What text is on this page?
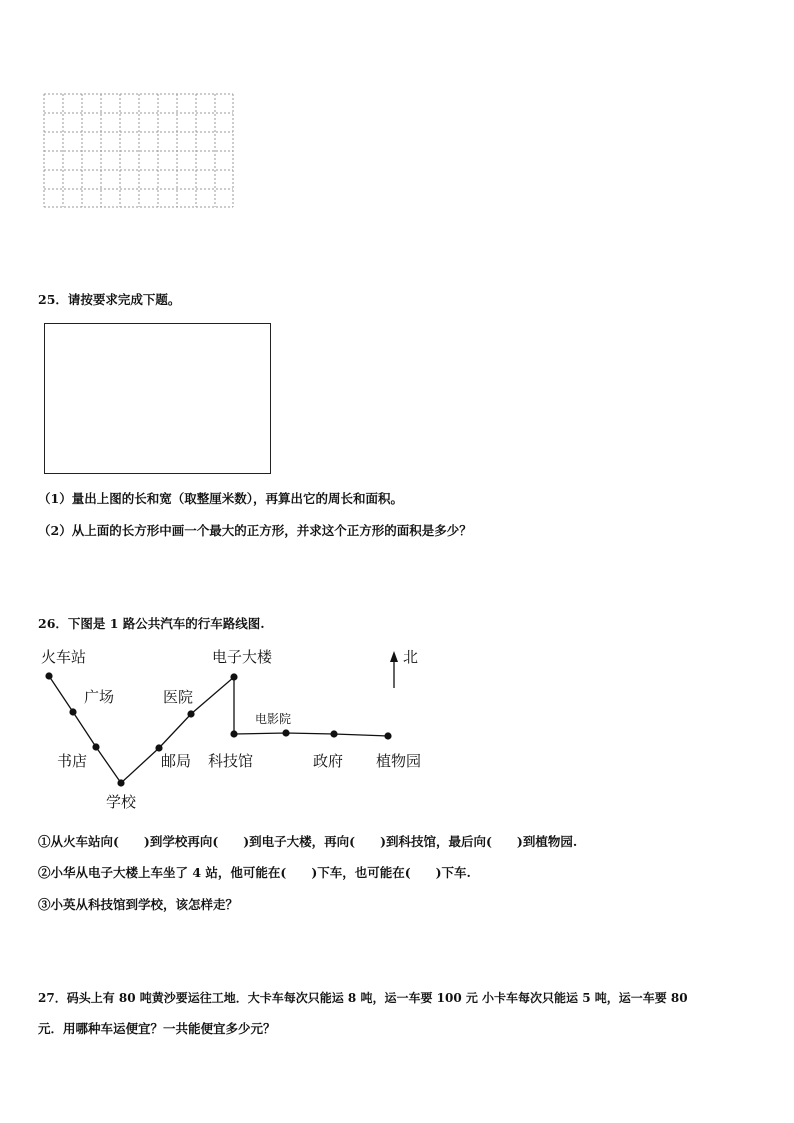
25．请按要求完成下题。
（1）量出上图的长和宽（取整厘米数），再算出它的周长和面积。
（2）从上面的长方形中画一个最大的正方形，并求这个正方形的面积是多少？
26．下图是 1 路公共汽车的行车路线图.
北
火车站
广场
书店
学校
邮局
医院
电子大楼
科技馆	政府 植物园
电影院
①从火车站向(　　)到学校再向(　　)到电子大楼，再向(　　)到科技馆，最后向(　　)到植物园.
②小华从电子大楼上车坐了 4 站，他可能在(　　)下车，也可能在(　　)下车.
③小英从科技馆到学校，该怎样走？
27．码头上有 80 吨黄沙要运往工地．大卡车每次只能运 8 吨，运一车要 100 元 小卡车每次只能运 5 吨，运一车要 80
元．用哪种车运便宜？一共能便宜多少元？
